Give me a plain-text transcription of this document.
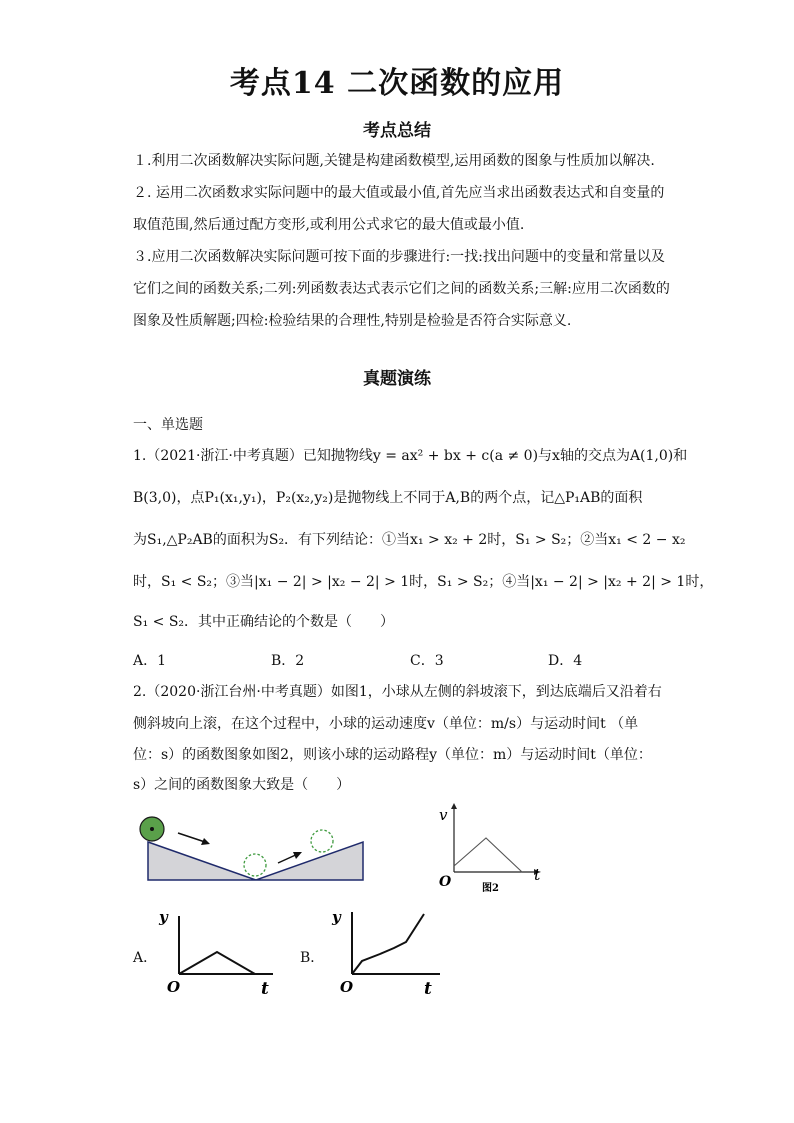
考点14 二次函数的应用
考点总结
１.利用二次函数解决实际问题,关键是构建函数模型,运用函数的图象与性质加以解决.
２. 运用二次函数求实际问题中的最大值或最小值,首先应当求出函数表达式和自变量的取值范围,然后通过配方变形,或利用公式求它的最大值或最小值.
３.应用二次函数解决实际问题可按下面的步骤进行:一找:找出问题中的变量和常量以及它们之间的函数关系;二列:列函数表达式表示它们之间的函数关系;三解:应用二次函数的图象及性质解题;四检:检验结果的合理性,特别是检验是否符合实际意义.
真题演练
一、单选题
1.（2021·浙江·中考真题）已知抛物线y = ax² + bx + c(a ≠ 0)与x轴的交点为A(1,0)和
B(3,0)，点P₁(x₁,y₁)，P₂(x₂,y₂)是抛物线上不同于A,B的两个点，记△P₁AB的面积
为S₁,△P₂AB的面积为S₂．有下列结论：①当x₁ > x₂ + 2时，S₁ > S₂；②当x₁ < 2 − x₂
时，S₁ < S₂；③当|x₁ − 2| > |x₂ − 2| > 1时，S₁ > S₂；④当|x₁ − 2| > |x₂ + 2| > 1时，
S₁ < S₂．其中正确结论的个数是（　　）
A．1	B．2	C．3	D．4
2.（2020·浙江台州·中考真题）如图1，小球从左侧的斜坡滚下，到达底端后又沿着右
侧斜坡向上滚，在这个过程中，小球的运动速度v（单位：m/s）与运动时间t （单
位：s）的函数图象如图2，则该小球的运动路程y（单位：m）与运动时间t（单位：
s）之间的函数图象大致是（　　）
v
t
O	图2
A．
y
t
O
B．
y
t
O
